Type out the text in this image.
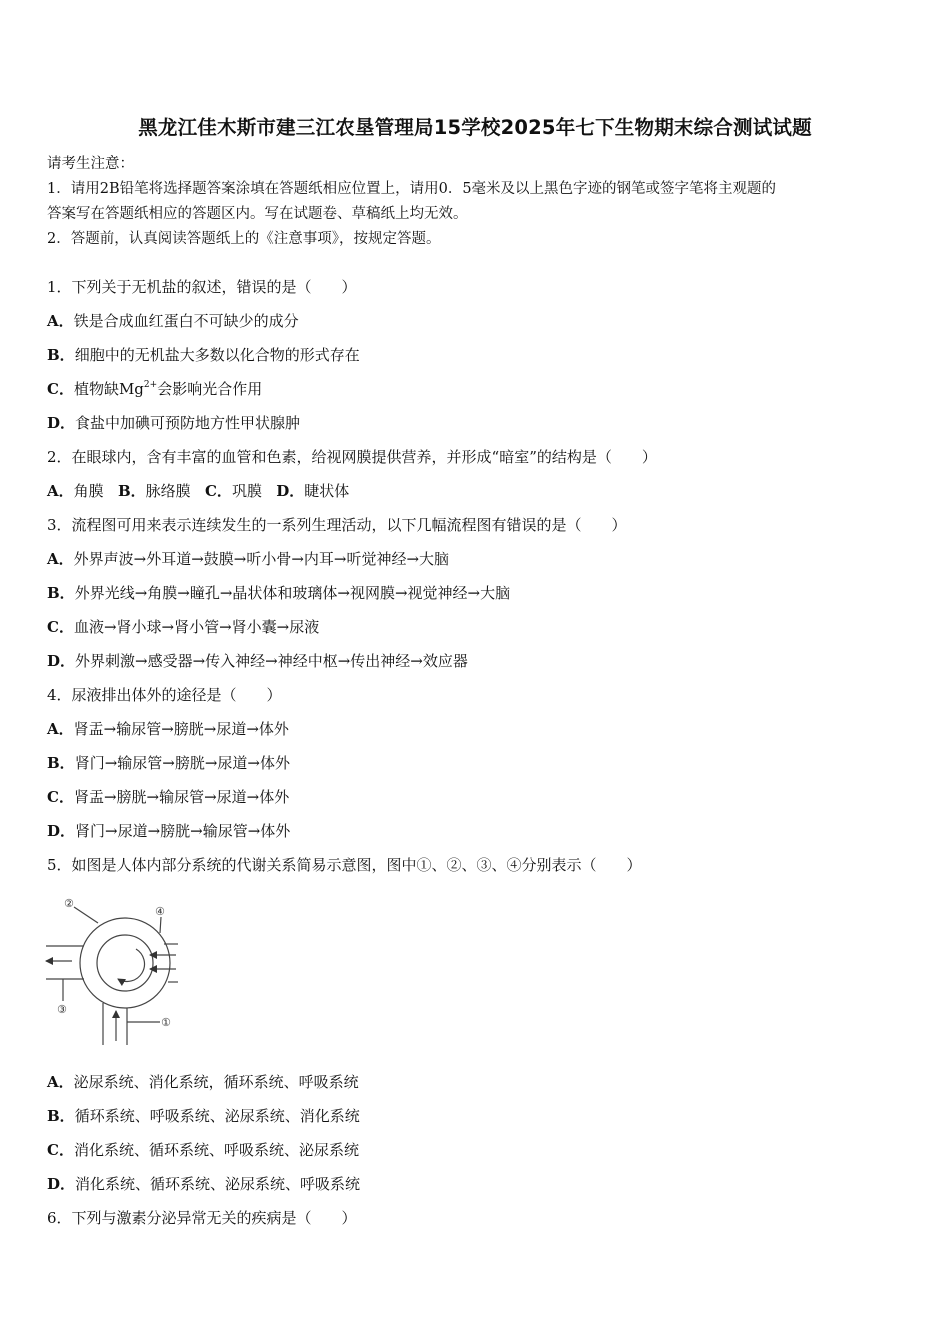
黑龙江佳木斯市建三江农垦管理局15学校2025年七下生物期末综合测试试题
请考生注意：
1．请用2B铅笔将选择题答案涂填在答题纸相应位置上，请用0．5毫米及以上黑色字迹的钢笔或签字笔将主观题的
答案写在答题纸相应的答题区内。写在试题卷、草稿纸上均无效。
2．答题前，认真阅读答题纸上的《注意事项》，按规定答题。
1．下列关于无机盐的叙述，错误的是（　　）
A．铁是合成血红蛋白不可缺少的成分
B．细胞中的无机盐大多数以化合物的形式存在
C．植物缺$Mg^{2+}$会影响光合作用
D．食盐中加碘可预防地方性甲状腺肿
2．在眼球内，含有丰富的血管和色素，给视网膜提供营养，并形成“暗室”的结构是（　　）
A．角膜 B．脉络膜 C．巩膜 D．睫状体
3．流程图可用来表示连续发生的一系列生理活动，以下几幅流程图有错误的是（　　）
A．外界声波→外耳道→鼓膜→听小骨→内耳→听觉神经→大脑
B．外界光线→角膜→瞳孔→晶状体和玻璃体→视网膜→视觉神经→大脑
C．血液→肾小球→肾小管→肾小囊→尿液
D．外界刺激→感受器→传入神经→神经中枢→传出神经→效应器
4．尿液排出体外的途径是（　　）
A．肾盂→输尿管→膀胱→尿道→体外
B．肾门→输尿管→膀胱→尿道→体外
C．肾盂→膀胱→输尿管→尿道→体外
D．肾门→尿道→膀胱→输尿管→体外
5．如图是人体内部分系统的代谢关系简易示意图，图中①、②、③、④分别表示（　　）
②
④
③
①
A．泌尿系统、消化系统，循环系统、呼吸系统
B．循环系统、呼吸系统、泌尿系统、消化系统
C．消化系统、循环系统、呼吸系统、泌尿系统
D．消化系统、循环系统、泌尿系统、呼吸系统
6．下列与激素分泌异常无关的疾病是（　　）
